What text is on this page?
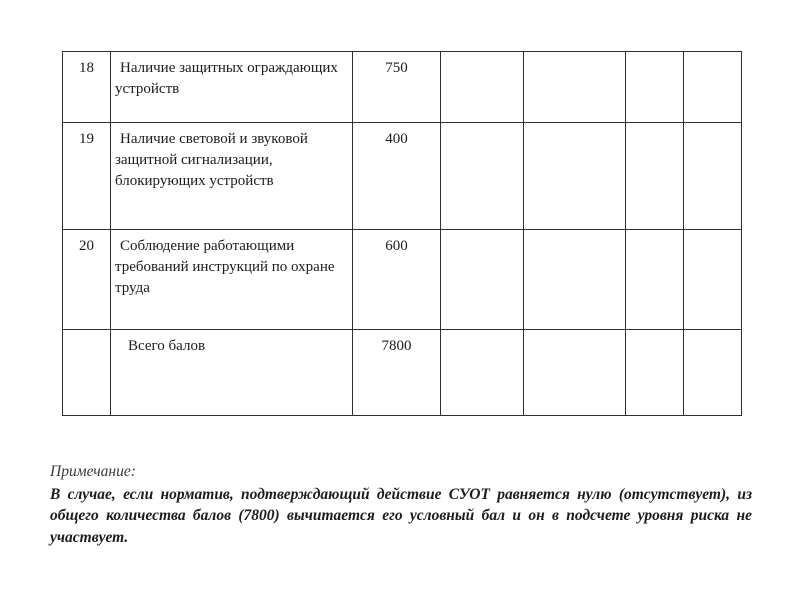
18	Наличие защитных ограждающих устройств	750				
19	Наличие световой и звуковой защитной сигнализации, блокирующих устройств	400				
20	Соблюдение работающими требований инструкций по охране труда	600				
	Всего балов	7800				

Примечание:

В случае, если норматив, подтверждающий действие СУОТ равняется нулю (отсутствует), из общего количества балов (7800) вычитается его условный бал и он в подсчете уровня риска не участвует.
